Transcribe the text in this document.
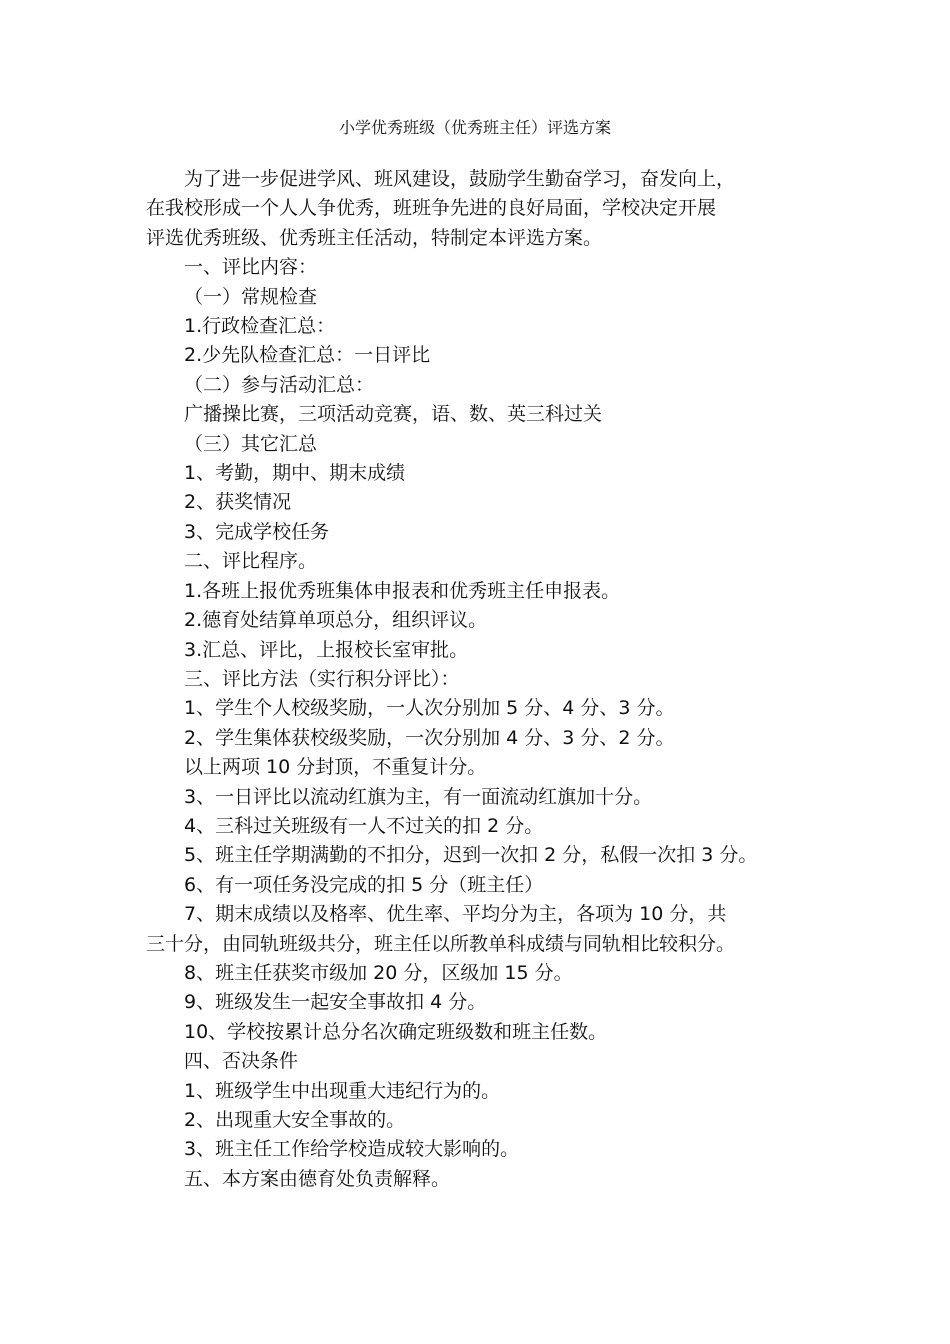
小学优秀班级（优秀班主任）评选方案

为了进一步促进学风、班风建设，鼓励学生勤奋学习，奋发向上，

在我校形成一个人人争优秀，班班争先进的良好局面，学校决定开展

评选优秀班级、优秀班主任活动，特制定本评选方案。

一、评比内容：

（一）常规检查

1.行政检查汇总：

2.少先队检查汇总：一日评比

（二）参与活动汇总：

广播操比赛，三项活动竞赛，语、数、英三科过关

（三）其它汇总

1、考勤，期中、期末成绩

2、获奖情况

3、完成学校任务

二、评比程序。

1.各班上报优秀班集体申报表和优秀班主任申报表。

2.德育处结算单项总分，组织评议。

3.汇总、评比，上报校长室审批。

三、评比方法（实行积分评比）：

1、学生个人校级奖励，一人次分别加 5 分、4 分、3 分。

2、学生集体获校级奖励，一次分别加 4 分、3 分、2 分。

以上两项 10 分封顶，不重复计分。

3、一日评比以流动红旗为主，有一面流动红旗加十分。

4、三科过关班级有一人不过关的扣 2 分。

5、班主任学期满勤的不扣分，迟到一次扣 2 分，私假一次扣 3 分。

6、有一项任务没完成的扣 5 分（班主任）

7、期末成绩以及格率、优生率、平均分为主，各项为 10 分，共

三十分，由同轨班级共分，班主任以所教单科成绩与同轨相比较积分。

8、班主任获奖市级加 20 分，区级加 15 分。

9、班级发生一起安全事故扣 4 分。

10、学校按累计总分名次确定班级数和班主任数。

四、否决条件

1、班级学生中出现重大违纪行为的。

2、出现重大安全事故的。

3、班主任工作给学校造成较大影响的。

五、本方案由德育处负责解释。
